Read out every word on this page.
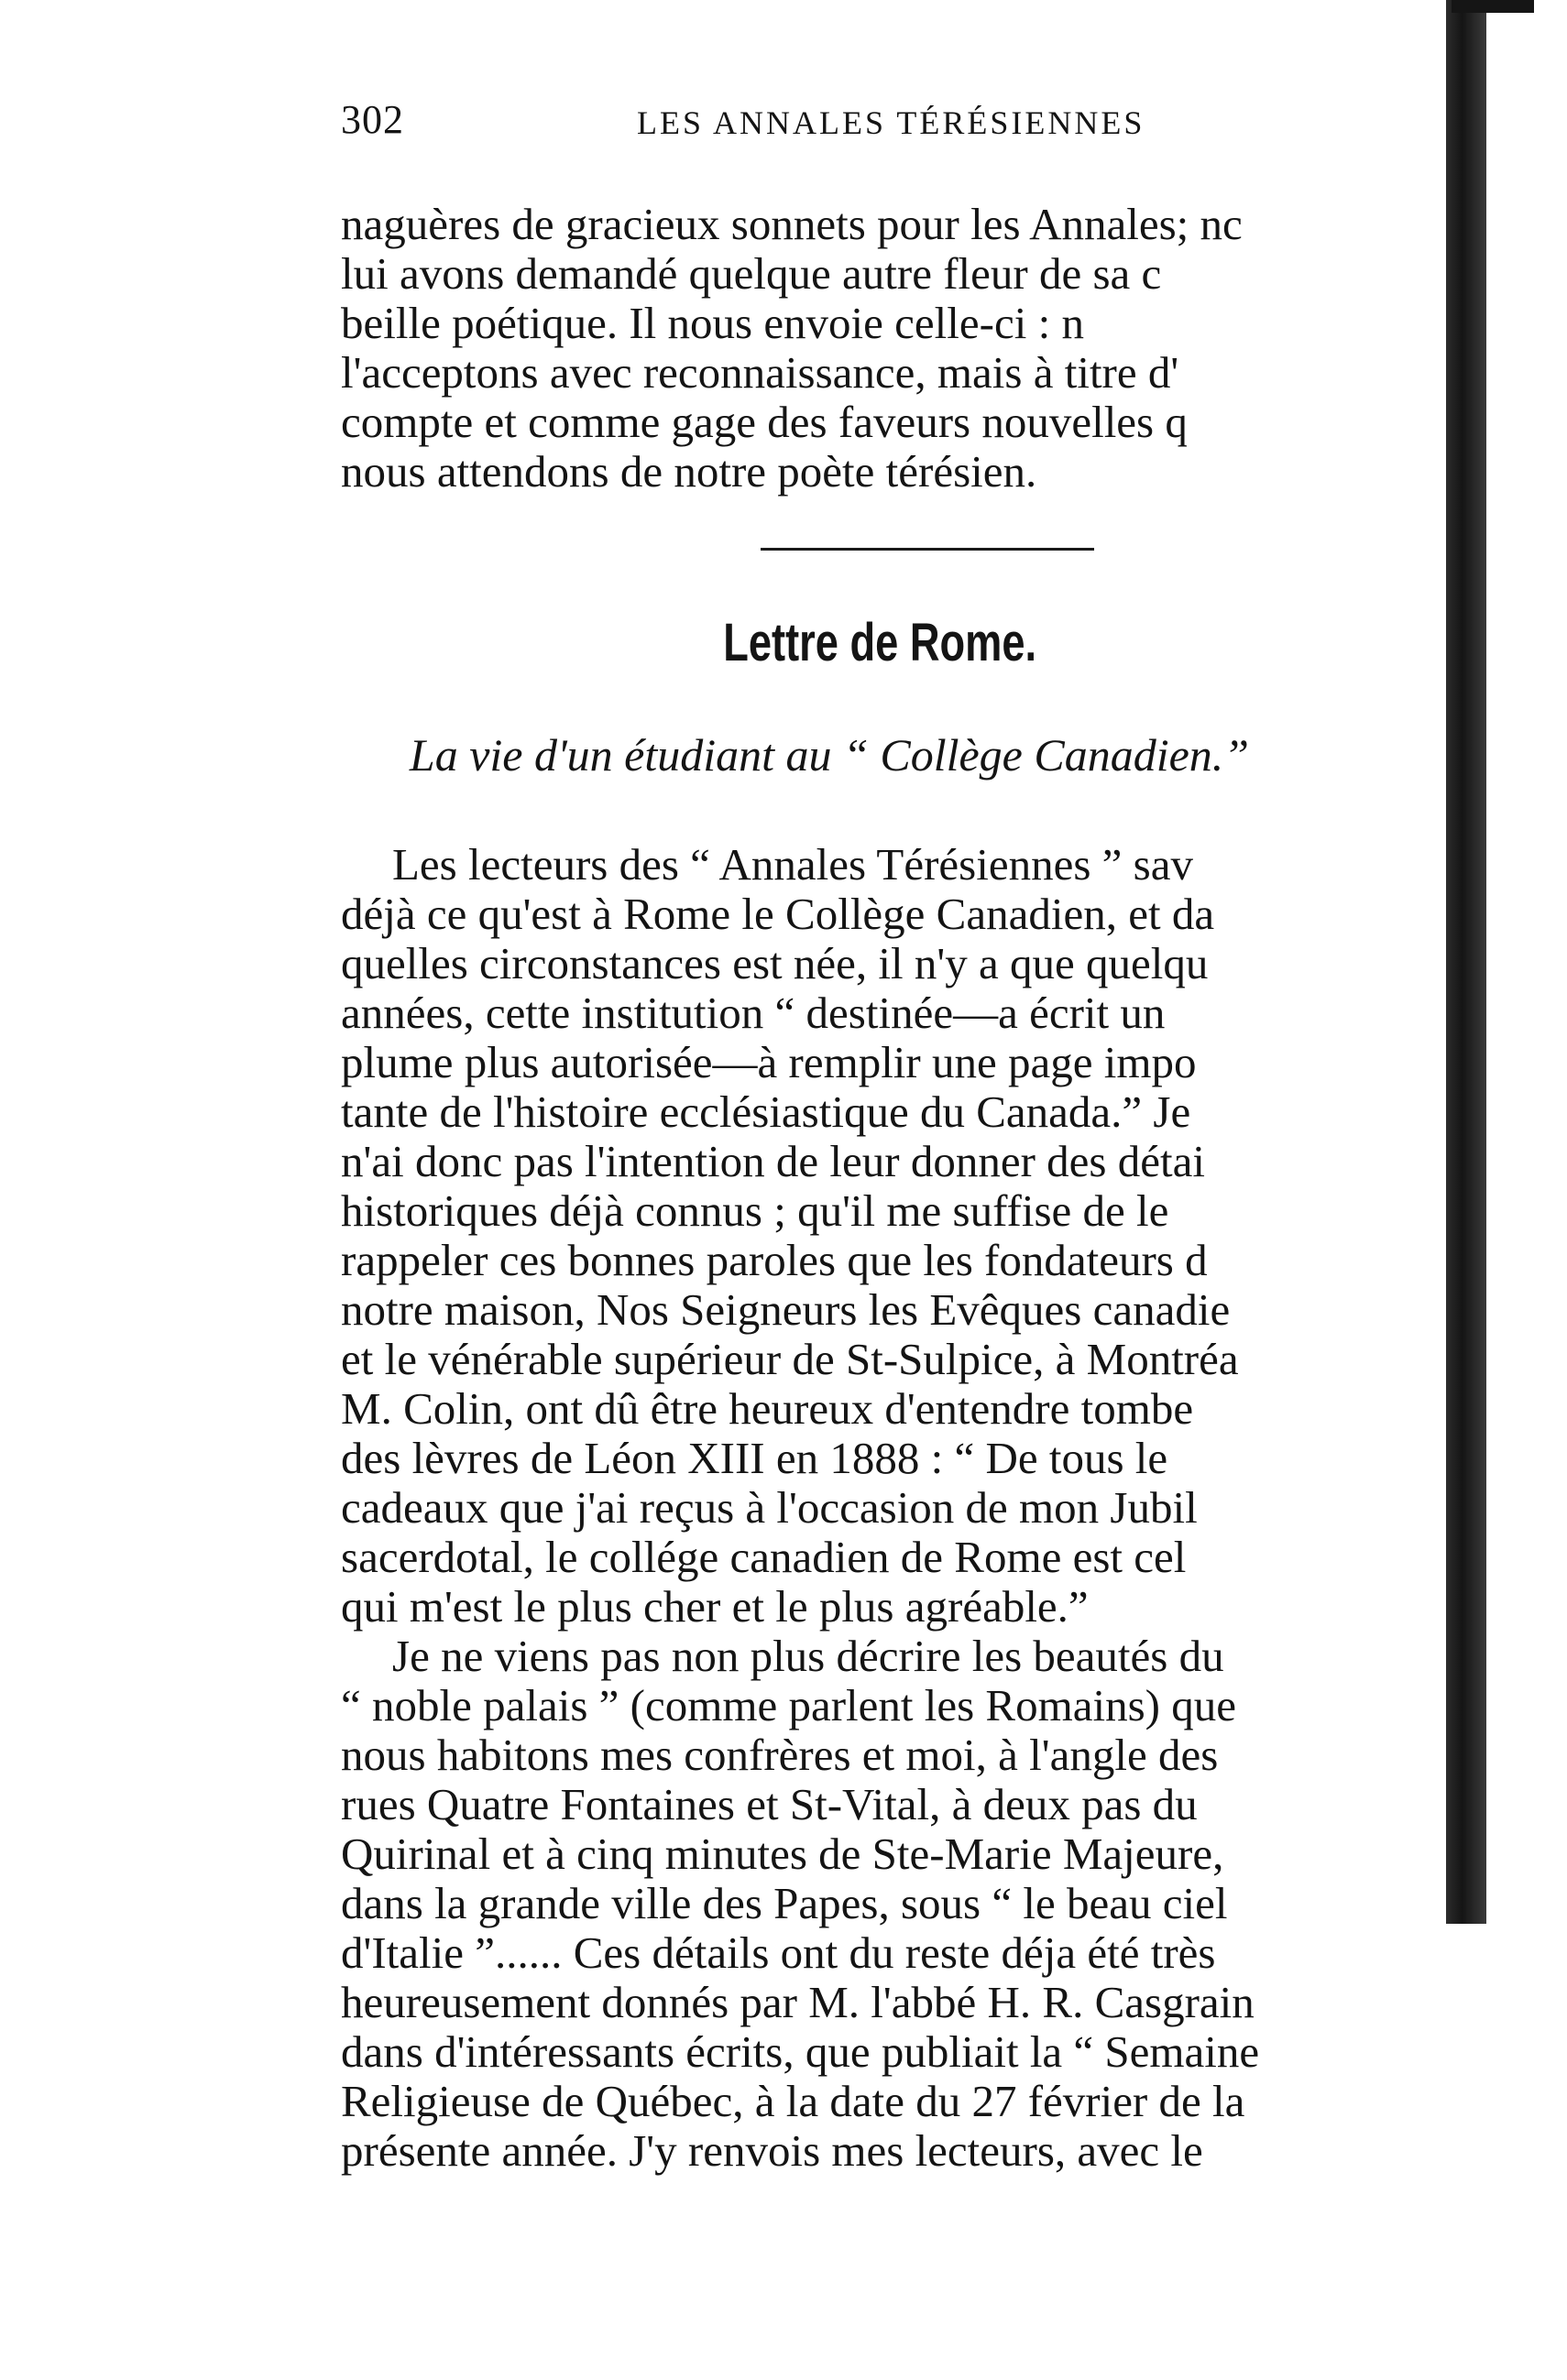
302	LES ANNALES TÉRÉSIENNES
naguères de gracieux sonnets pour les Annales; nc
lui avons demandé quelque autre fleur de sa c
beille poétique. Il nous envoie celle-ci : n
l'acceptons avec reconnaissance, mais à titre d'
compte et comme gage des faveurs nouvelles q
nous attendons de notre poète térésien.
Lettre de Rome.
La vie d'un étudiant au “ Collège Canadien.”
Les lecteurs des “ Annales Térésiennes ” sav
déjà ce qu'est à Rome le Collège Canadien, et da
quelles circonstances est née, il n'y a que quelqu
années, cette institution “ destinée—a écrit un
plume plus autorisée—à remplir une page impo
tante de l'histoire ecclésiastique du Canada.” Je
n'ai donc pas l'intention de leur donner des détai
historiques déjà connus ; qu'il me suffise de le
rappeler ces bonnes paroles que les fondateurs d
notre maison, Nos Seigneurs les Evêques canadie
et le vénérable supérieur de St-Sulpice, à Montréa
M. Colin, ont dû être heureux d'entendre tombe
des lèvres de Léon XIII en 1888 : “ De tous le
cadeaux que j'ai reçus à l'occasion de mon Jubil
sacerdotal, le collége canadien de Rome est cel
qui m'est le plus cher et le plus agréable.”
Je ne viens pas non plus décrire les beautés du
“ noble palais ” (comme parlent les Romains) que
nous habitons mes confrères et moi, à l'angle des
rues Quatre Fontaines et St-Vital, à deux pas du
Quirinal et à cinq minutes de Ste-Marie Majeure,
dans la grande ville des Papes, sous “ le beau ciel
d'Italie ”...... Ces détails ont du reste déja été très
heureusement donnés par M. l'abbé H. R. Casgrain
dans d'intéressants écrits, que publiait la “ Semaine
Religieuse de Québec, à la date du 27 février de la
présente année. J'y renvois mes lecteurs, avec le
